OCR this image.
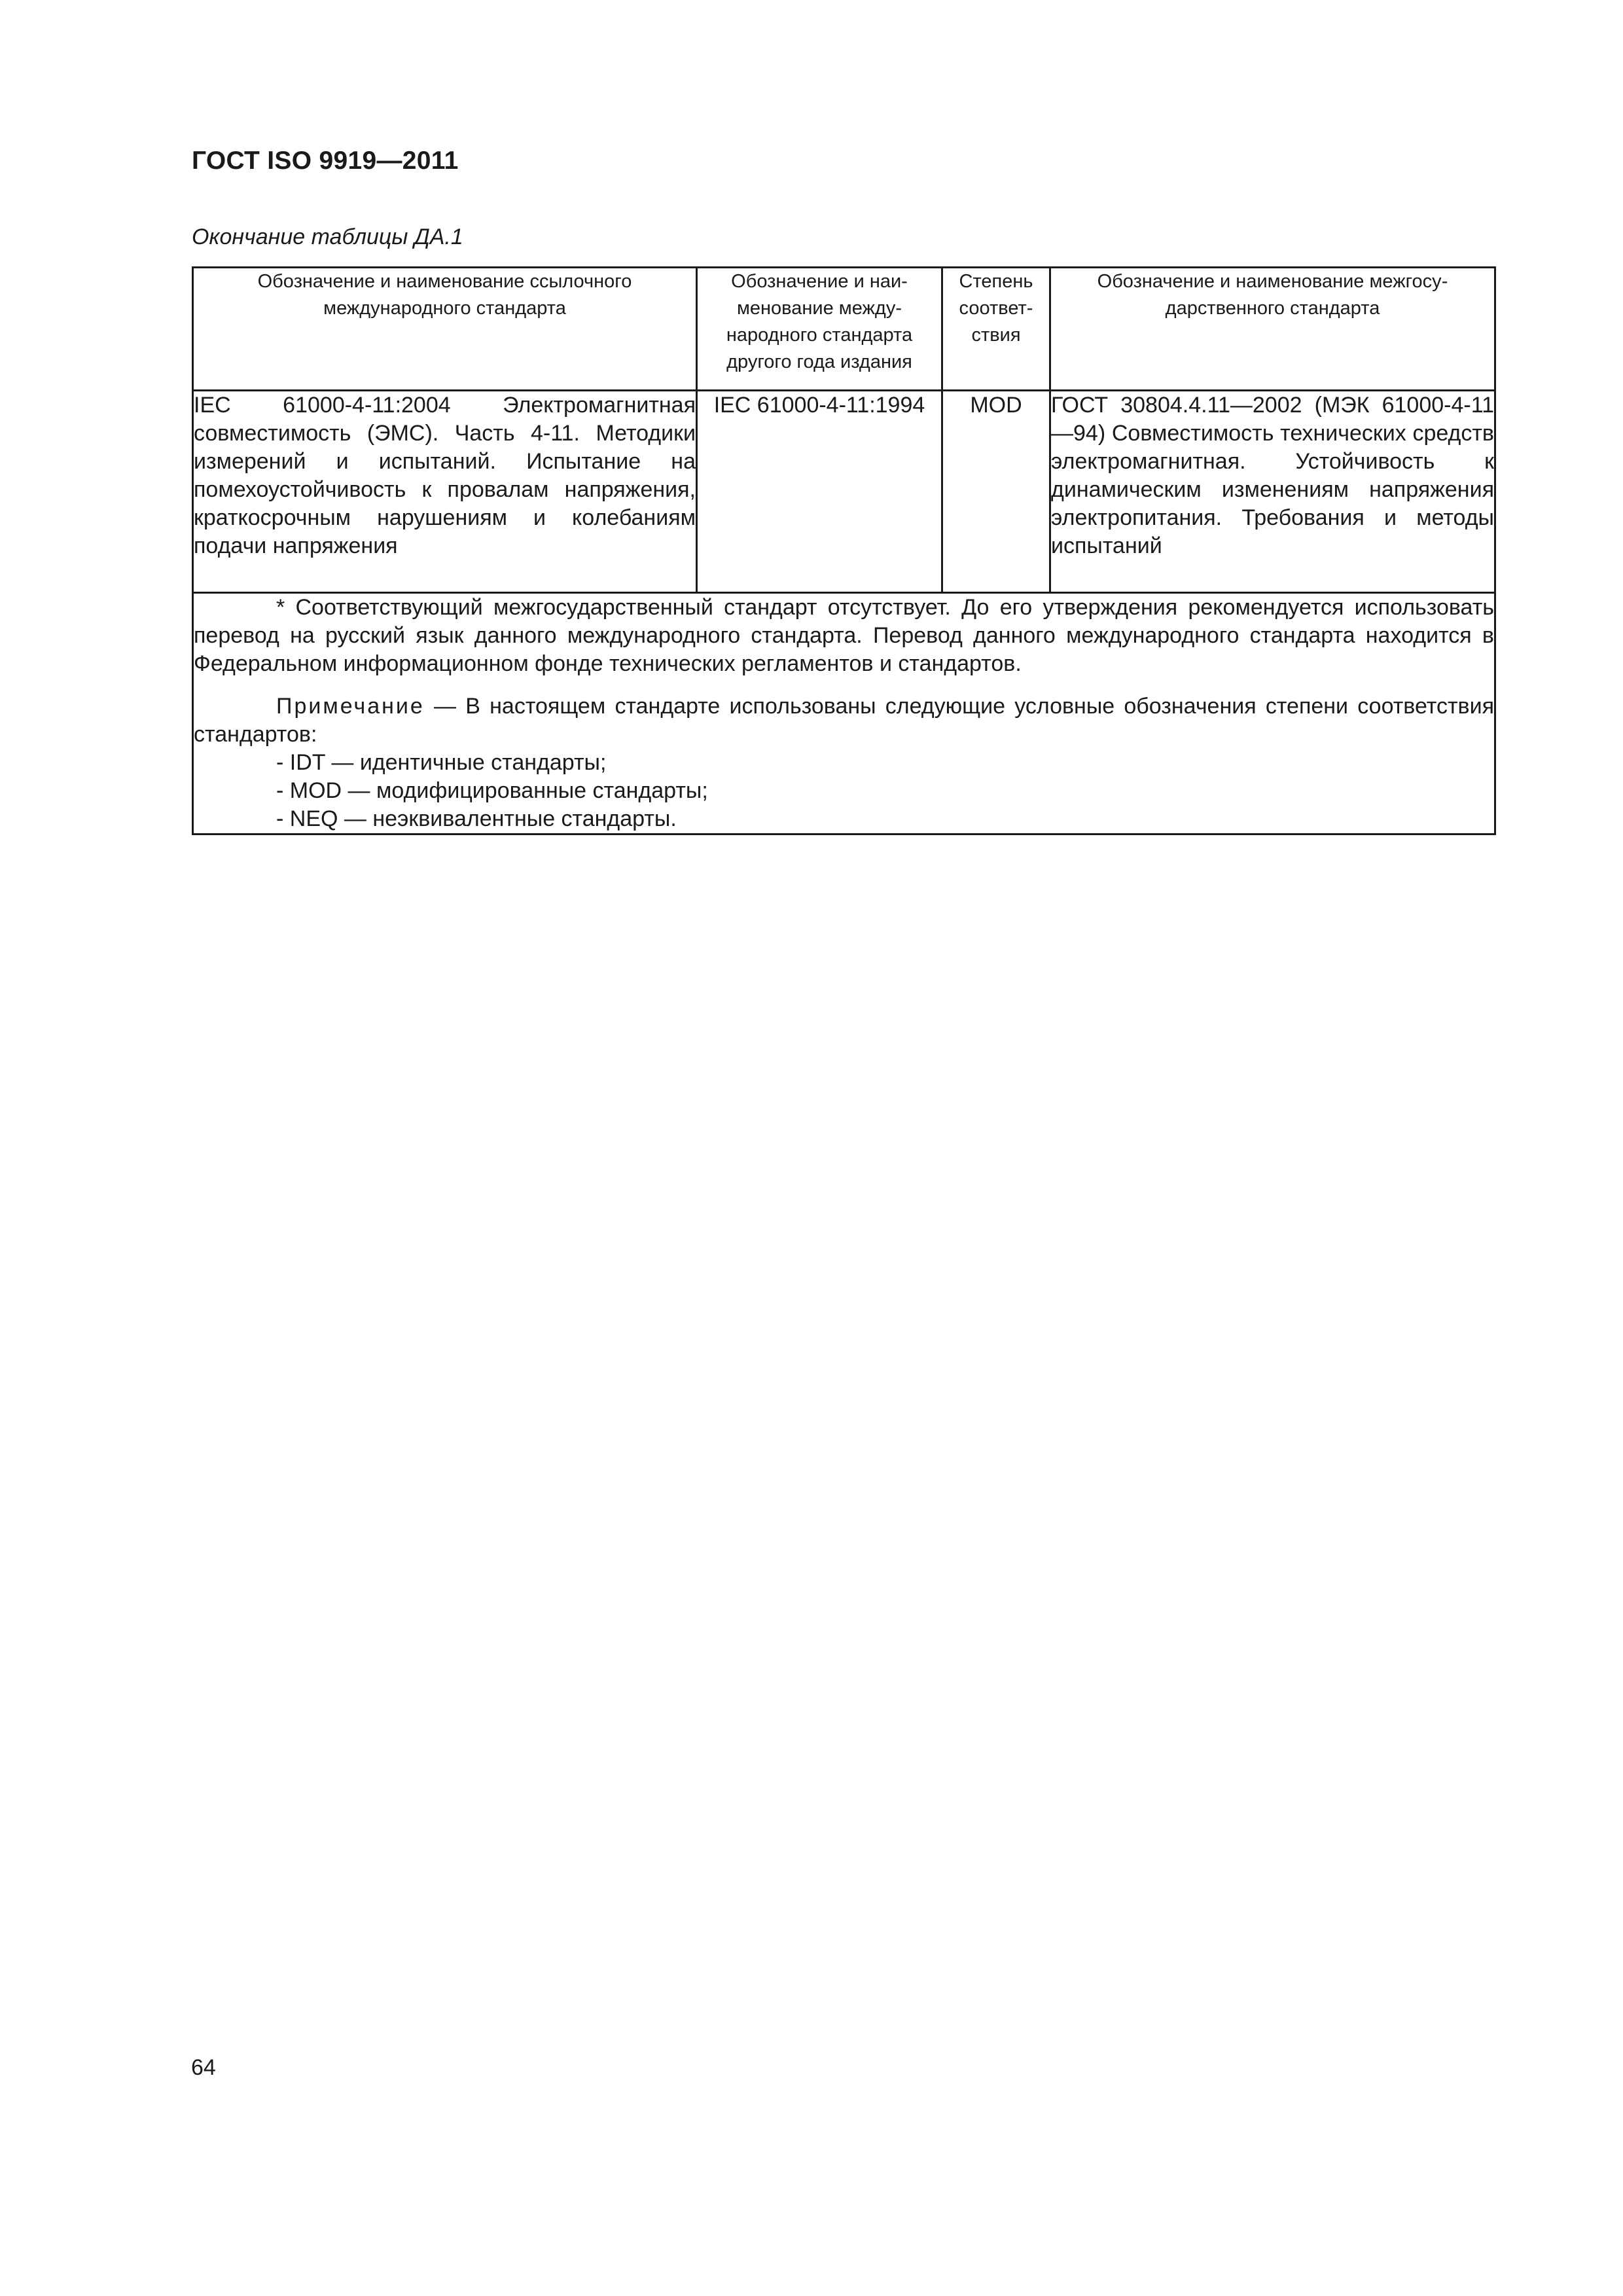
ГОСТ ISO 9919—2011
Окончание таблицы ДА.1
Обозначение и наименование ссылочного международного стандарта	Обозначение и наименование международного стандарта другого года издания	Степень соответствия	Обозначение и наименование межгосударственного стандарта
IEC 61000-4-11:2004 Электромагнитная совместимость (ЭМС). Часть 4-11. Методики измерений и испытаний. Испытание на помехоустойчивость к провалам напряжения, краткосрочным нарушениям и колебаниям подачи напряжения	IEC 61000-4-11:1994	MOD	ГОСТ 30804.4.11—2002 (МЭК 61000-4-11—94) Совместимость технических средств электромагнитная. Устойчивость к динамическим изменениям напряжения электропитания. Требования и методы испытаний

* Соответствующий межгосударственный стандарт отсутствует. До его утверждения рекомендуется использовать перевод на русский язык данного международного стандарта. Перевод данного международного стандарта находится в Федеральном информационном фонде технических регламентов и стандартов.

Примечание — В настоящем стандарте использованы следующие условные обозначения степени соответствия стандартов:

- IDT — идентичные стандарты;
- MOD — модифицированные стандарты;
- NEQ — неэквивалентные стандарты.			
64
